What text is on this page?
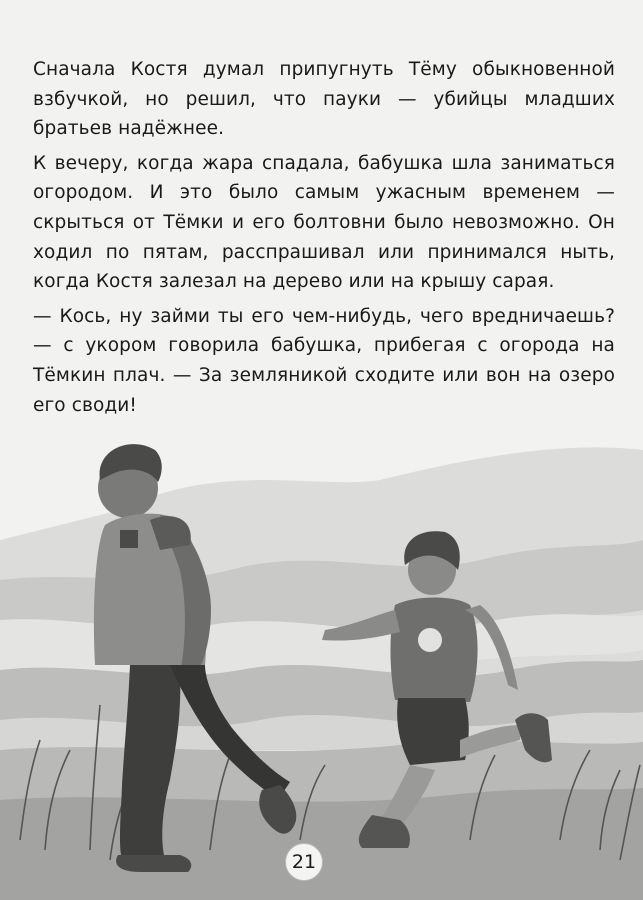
Сначала Костя думал припугнуть Тёму обыкновенной взбучкой, но решил, что пауки — убийцы младших братьев надёжнее.

К вечеру, когда жара спадала, бабушка шла заниматься огородом. И это было самым ужасным временем — скрыться от Тёмки и его болтовни было невозможно. Он ходил по пятам, расспрашивал или принимался ныть, когда Костя залезал на дерево или на крышу сарая.

— Кось, ну займи ты его чем-нибудь, чего вредничаешь? — с укором говорила бабушка, прибегая с огорода на Тёмкин плач. — За земляникой сходите или вон на озеро его своди!

21
